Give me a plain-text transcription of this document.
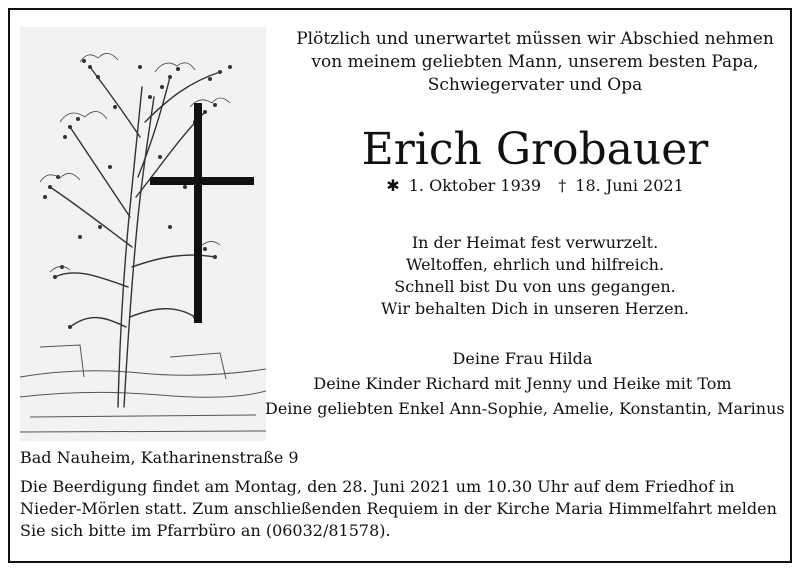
Plötzlich und unerwartet müssen wir Abschied nehmen
von meinem geliebten Mann, unserem besten Papa,
Schwiegervater und Opa
Erich Grobauer
✱ 1. Oktober 1939 † 18. Juni 2021
In der Heimat fest verwurzelt.
Weltoffen, ehrlich und hilfreich.
Schnell bist Du von uns gegangen.
Wir behalten Dich in unseren Herzen.
Deine Frau Hilda
Deine Kinder Richard mit Jenny und Heike mit Tom
Deine geliebten Enkel Ann-Sophie, Amelie, Konstantin, Marinus
Bad Nauheim, Katharinenstraße 9
Die Beerdigung findet am Montag, den 28. Juni 2021 um 10.30 Uhr auf dem Friedhof in
Nieder-Mörlen statt. Zum anschließenden Requiem in der Kirche Maria Himmelfahrt melden
Sie sich bitte im Pfarrbüro an (06032/81578).
